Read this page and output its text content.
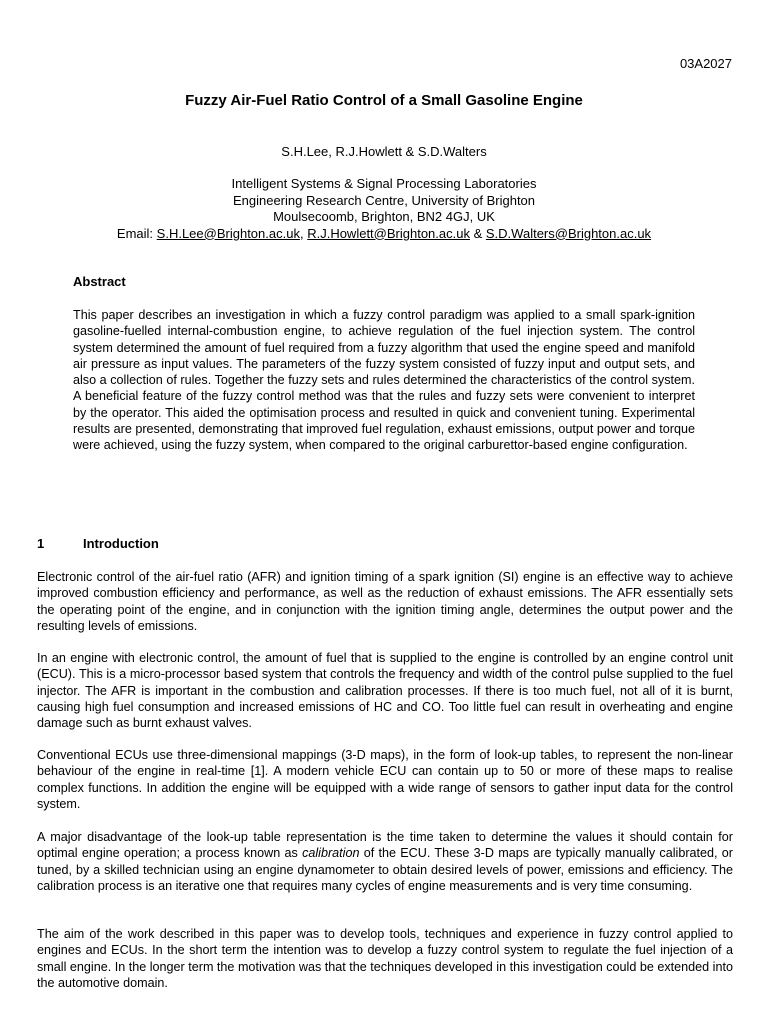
03A2027
Fuzzy Air-Fuel Ratio Control of a Small Gasoline Engine
S.H.Lee, R.J.Howlett & S.D.Walters
Intelligent Systems & Signal Processing Laboratories
Engineering Research Centre, University of Brighton
Moulsecoomb, Brighton, BN2 4GJ, UK
Email: S.H.Lee@Brighton.ac.uk, R.J.Howlett@Brighton.ac.uk & S.D.Walters@Brighton.ac.uk
Abstract

This paper describes an investigation in which a fuzzy control paradigm was applied to a small spark-ignition gasoline-fuelled internal-combustion engine, to achieve regulation of the fuel injection system. The control system determined the amount of fuel required from a fuzzy algorithm that used the engine speed and manifold air pressure as input values. The parameters of the fuzzy system consisted of fuzzy input and output sets, and also a collection of rules. Together the fuzzy sets and rules determined the characteristics of the control system. A beneficial feature of the fuzzy control method was that the rules and fuzzy sets were convenient to interpret by the operator. This aided the optimisation process and resulted in quick and convenient tuning. Experimental results are presented, demonstrating that improved fuel regulation, exhaust emissions, output power and torque were achieved, using the fuzzy system, when compared to the original carburettor-based engine configuration.

1	Introduction

Electronic control of the air-fuel ratio (AFR) and ignition timing of a spark ignition (SI) engine is an effective way to achieve improved combustion efficiency and performance, as well as the reduction of exhaust emissions. The AFR essentially sets the operating point of the engine, and in conjunction with the ignition timing angle, determines the output power and the resulting levels of emissions.

In an engine with electronic control, the amount of fuel that is supplied to the engine is controlled by an engine control unit (ECU). This is a micro-processor based system that controls the frequency and width of the control pulse supplied to the fuel injector. The AFR is important in the combustion and calibration processes. If there is too much fuel, not all of it is burnt, causing high fuel consumption and increased emissions of HC and CO. Too little fuel can result in overheating and engine damage such as burnt exhaust valves.

Conventional ECUs use three-dimensional mappings (3-D maps), in the form of look-up tables, to represent the non-linear behaviour of the engine in real-time [1]. A modern vehicle ECU can contain up to 50 or more of these maps to realise complex functions. In addition the engine will be equipped with a wide range of sensors to gather input data for the control system.

A major disadvantage of the look-up table representation is the time taken to determine the values it should contain for optimal engine operation; a process known as calibration of the ECU. These 3-D maps are typically manually calibrated, or tuned, by a skilled technician using an engine dynamometer to obtain desired levels of power, emissions and efficiency. The calibration process is an iterative one that requires many cycles of engine measurements and is very time consuming.

The aim of the work described in this paper was to develop tools, techniques and experience in fuzzy control applied to engines and ECUs. In the short term the intention was to develop a fuzzy control system to regulate the fuel injection of a small engine. In the longer term the motivation was that the techniques developed in this investigation could be extended into the automotive domain.
